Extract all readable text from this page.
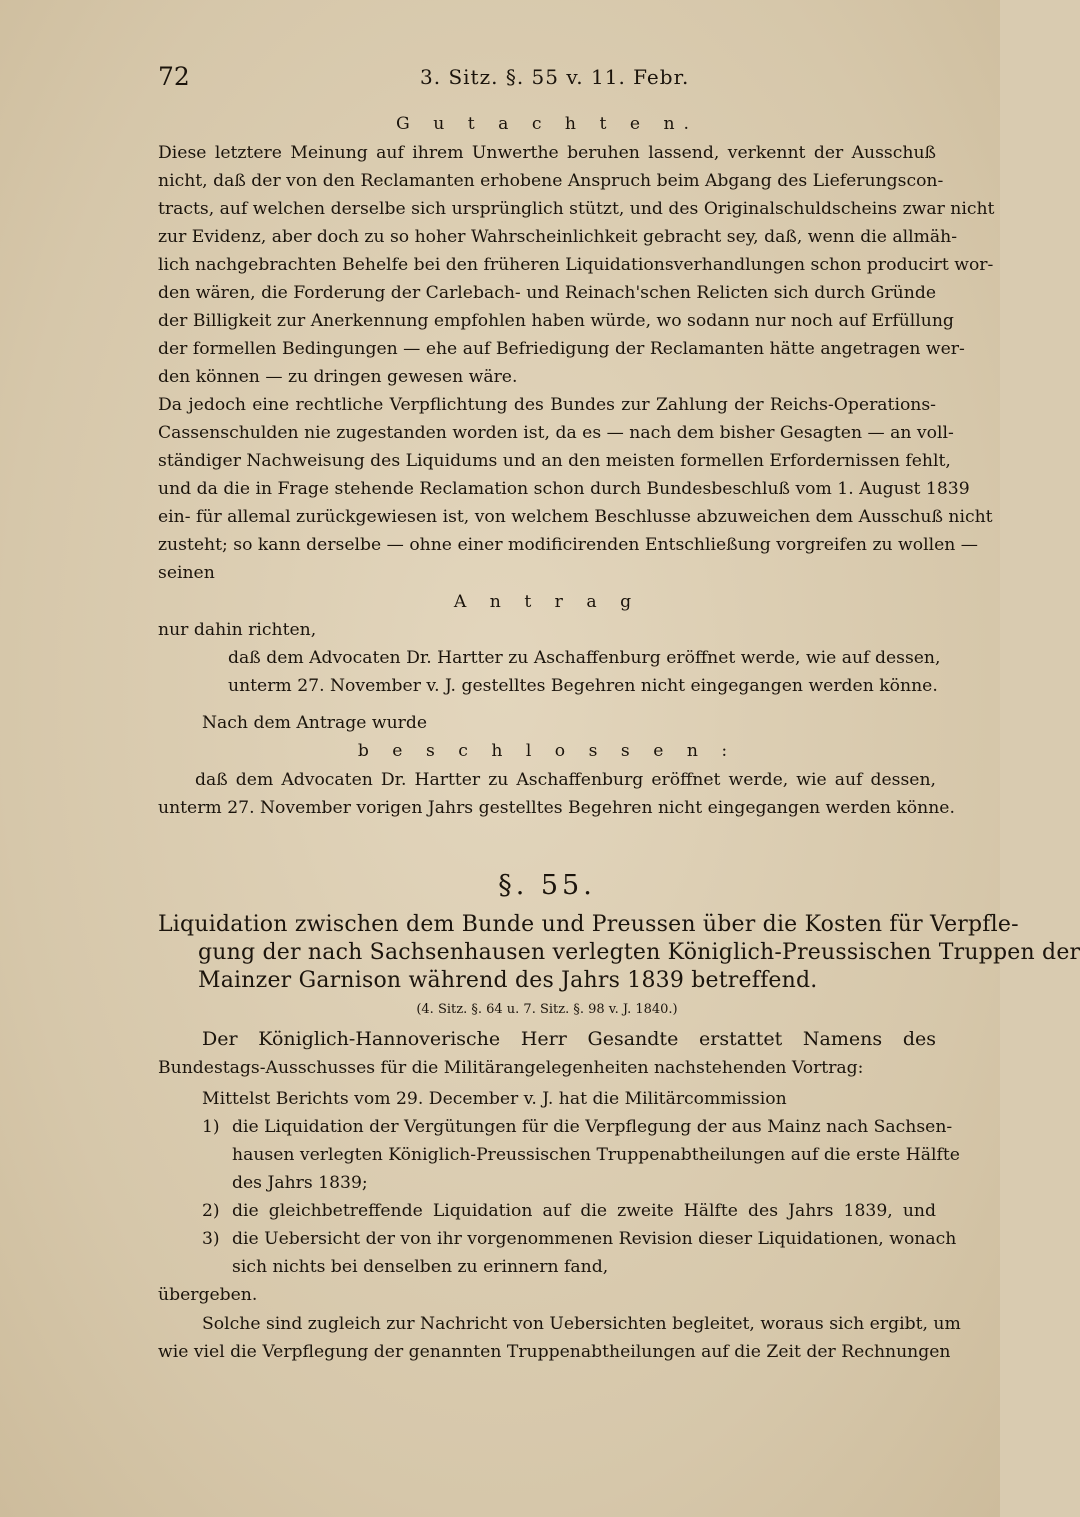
72	3. Sitz. §. 55 v. 11. Febr.
G u t a c h t e n.
Diese letztere Meinung auf ihrem Unwerthe beruhen lassend, verkennt der Ausschuß
nicht, daß der von den Reclamanten erhobene Anspruch beim Abgang des Lieferungscon-
tracts, auf welchen derselbe sich ursprünglich stützt, und des Originalschuldscheins zwar nicht
zur Evidenz, aber doch zu so hoher Wahrscheinlichkeit gebracht sey, daß, wenn die allmäh-
lich nachgebrachten Behelfe bei den früheren Liquidationsverhandlungen schon producirt wor-
den wären, die Forderung der Carlebach- und Reinach'schen Relicten sich durch Gründe
der Billigkeit zur Anerkennung empfohlen haben würde, wo sodann nur noch auf Erfüllung
der formellen Bedingungen — ehe auf Befriedigung der Reclamanten hätte angetragen wer-
den können — zu dringen gewesen wäre.
Da jedoch eine rechtliche Verpflichtung des Bundes zur Zahlung der Reichs-Operations-
Cassenschulden nie zugestanden worden ist, da es — nach dem bisher Gesagten — an voll-
ständiger Nachweisung des Liquidums und an den meisten formellen Erfordernissen fehlt,
und da die in Frage stehende Reclamation schon durch Bundesbeschluß vom 1. August 1839
ein- für allemal zurückgewiesen ist, von welchem Beschlusse abzuweichen dem Ausschuß nicht
zusteht; so kann derselbe — ohne einer modificirenden Entschließung vorgreifen zu wollen —
seinen
A n t r a g
nur dahin richten,
daß dem Advocaten Dr. Hartter zu Aschaffenburg eröffnet werde, wie auf dessen,
unterm 27. November v. J. gestelltes Begehren nicht eingegangen werden könne.
Nach dem Antrage wurde
b e s c h l o s s e n :
daß dem Advocaten Dr. Hartter zu Aschaffenburg eröffnet werde, wie auf dessen,
unterm 27. November vorigen Jahrs gestelltes Begehren nicht eingegangen werden könne.
§. 55.
Liquidation zwischen dem Bunde und Preussen über die Kosten für Verpfle-
gung der nach Sachsenhausen verlegten Königlich-Preussischen Truppen der
Mainzer Garnison während des Jahrs 1839 betreffend.
(4. Sitz. §. 64 u. 7. Sitz. §. 98 v. J. 1840.)
Der Königlich-Hannoverische Herr Gesandte erstattet Namens des
Bundestags-Ausschusses für die Militärangelegenheiten nachstehenden Vortrag:
Mittelst Berichts vom 29. December v. J. hat die Militärcommission
1) die Liquidation der Vergütungen für die Verpflegung der aus Mainz nach Sachsen-
hausen verlegten Königlich-Preussischen Truppenabtheilungen auf die erste Hälfte
des Jahrs 1839;
2) die gleichbetreffende Liquidation auf die zweite Hälfte des Jahrs 1839, und
3) die Uebersicht der von ihr vorgenommenen Revision dieser Liquidationen, wonach
sich nichts bei denselben zu erinnern fand,
übergeben.
Solche sind zugleich zur Nachricht von Uebersichten begleitet, woraus sich ergibt, um
wie viel die Verpflegung der genannten Truppenabtheilungen auf die Zeit der Rechnungen
